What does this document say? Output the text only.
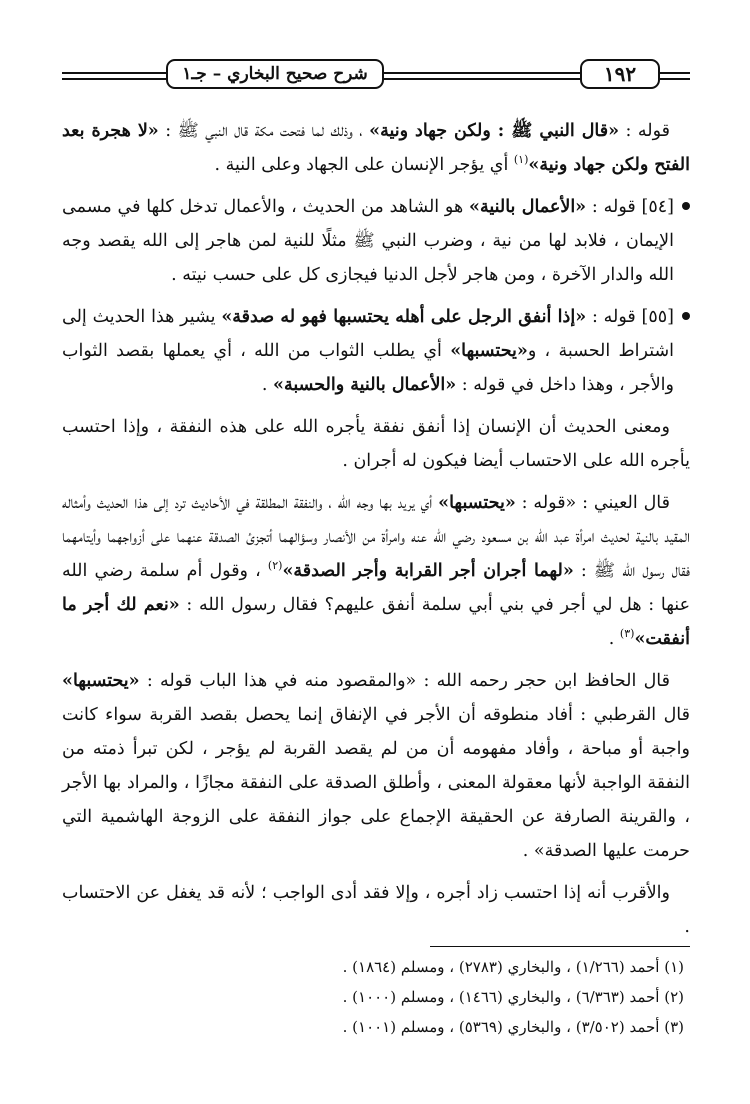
١٩٢
شرح صحيح البخاري – جـ١

قوله : «قال النبي ﷺ : ولكن جهاد ونية» ، وذلك لما فتحت مكة قال النبي ﷺ : «لا هجرة بعد الفتح ولكن جهاد ونية»$^{(١)}$ أي يؤجر الإنسان على الجهاد وعلى النية .

[٥٤] قوله : «الأعمال بالنية» هو الشاهد من الحديث ، والأعمال تدخل كلها في مسمى الإيمان ، فلابد لها من نية ، وضرب النبي ﷺ مثلًا للنية لمن هاجر إلى الله يقصد وجه الله والدار الآخرة ، ومن هاجر لأجل الدنيا فيجازى كل على حسب نيته .

[٥٥] قوله : «إذا أنفق الرجل على أهله يحتسبها فهو له صدقة» يشير هذا الحديث إلى اشتراط الحسبة ، و«يحتسبها» أي يطلب الثواب من الله ، أي يعملها بقصد الثواب والأجر ، وهذا داخل في قوله : «الأعمال بالنية والحسبة» .

ومعنى الحديث أن الإنسان إذا أنفق نفقة يأجره الله على هذه النفقة ، وإذا احتسب يأجره الله على الاحتساب أيضا فيكون له أجران .

قال العيني : «قوله : «يحتسبها» أي يريد بها وجه الله ، والنفقة المطلقة في الأحاديث ترد إلى هذا الحديث وأمثاله المقيد بالنية لحديث امرأة عبد الله بن مسعود رضي الله عنه وامرأة من الأنصار وسؤالهما أتجزئ الصدقة عنهما على أزواجهما وأيتامهما فقال رسول الله ﷺ : «لهما أجران أجر القرابة وأجر الصدقة»$^{(٢)}$ ، وقول أم سلمة رضي الله عنها : هل لي أجر في بني أبي سلمة أنفق عليهم؟ فقال رسول الله : «نعم لك أجر ما أنفقت»$^{(٣)}$ .

قال الحافظ ابن حجر رحمه الله : «والمقصود منه في هذا الباب قوله : «يحتسبها» قال القرطبي : أفاد منطوقه أن الأجر في الإنفاق إنما يحصل بقصد القربة سواء كانت واجبة أو مباحة ، وأفاد مفهومه أن من لم يقصد القربة لم يؤجر ، لكن تبرأ ذمته من النفقة الواجبة لأنها معقولة المعنى ، وأطلق الصدقة على النفقة مجازًا ، والمراد بها الأجر ، والقرينة الصارفة عن الحقيقة الإجماع على جواز النفقة على الزوجة الهاشمية التي حرمت عليها الصدقة» .

والأقرب أنه إذا احتسب زاد أجره ، وإلا فقد أدى الواجب ؛ لأنه قد يغفل عن الاحتساب .

(١) أحمد (١/٢٦٦) ، والبخاري (٢٧٨٣) ، ومسلم (١٨٦٤) .

(٢) أحمد (٦/٣٦٣) ، والبخاري (١٤٦٦) ، ومسلم (١٠٠٠) .

(٣) أحمد (٣/٥٠٢) ، والبخاري (٥٣٦٩) ، ومسلم (١٠٠١) .
